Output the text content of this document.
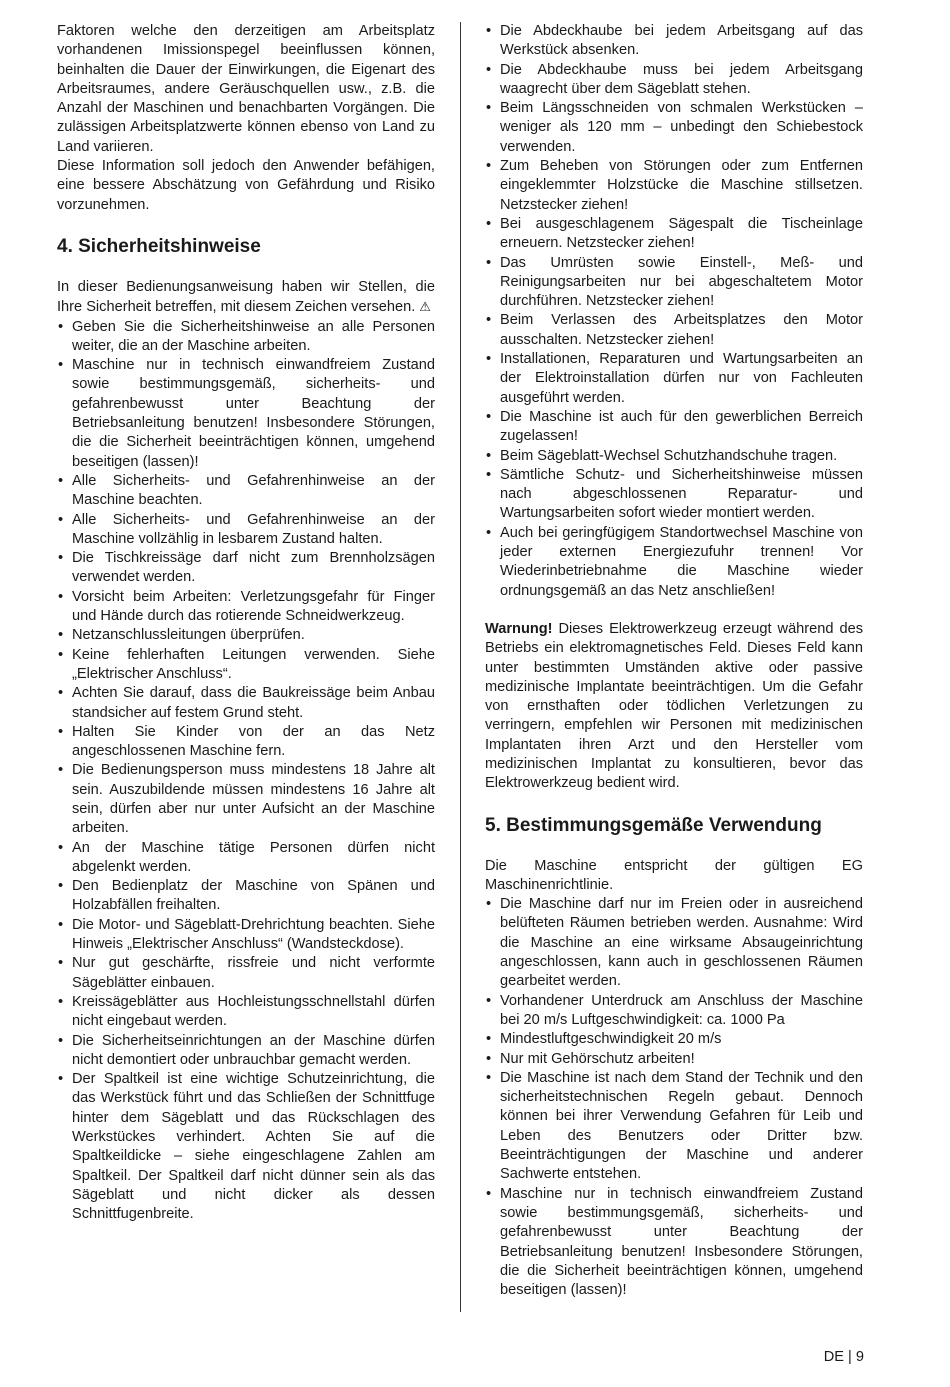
Faktoren welche den derzeitigen am Arbeitsplatz vorhandenen Imissionspegel beeinflussen können, beinhalten die Dauer der Einwirkungen, die Eigenart des Arbeitsraumes, andere Geräuschquellen usw., z.B. die Anzahl der Maschinen und benachbarten Vorgängen. Die zulässigen Arbeitsplatzwerte können ebenso von Land zu Land variieren.

Diese Information soll jedoch den Anwender befähigen, eine bessere Abschätzung von Gefährdung und Risiko vorzunehmen.

4. Sicherheitshinweise

In dieser Bedienungsanweisung haben wir Stellen, die Ihre Sicherheit betreffen, mit diesem Zeichen versehen. ⚠

• Geben Sie die Sicherheitshinweise an alle Personen weiter, die an der Maschine arbeiten.
• Maschine nur in technisch einwandfreiem Zustand sowie bestimmungsgemäß, sicherheits- und gefahrenbewusst unter Beachtung der Betriebsanleitung benutzen! Insbesondere Störungen, die die Sicherheit beeinträchtigen können, umgehend beseitigen (lassen)!
• Alle Sicherheits- und Gefahrenhinweise an der Maschine beachten.
• Alle Sicherheits- und Gefahrenhinweise an der Maschine vollzählig in lesbarem Zustand halten.
• Die Tischkreissäge darf nicht zum Brennholzsägen verwendet werden.
• Vorsicht beim Arbeiten: Verletzungsgefahr für Finger und Hände durch das rotierende Schneidwerkzeug.
• Netzanschlussleitungen überprüfen.
• Keine fehlerhaften Leitungen verwenden. Siehe „Elektrischer Anschluss“.
• Achten Sie darauf, dass die Baukreissäge beim Anbau standsicher auf festem Grund steht.
• Halten Sie Kinder von der an das Netz angeschlossenen Maschine fern.
• Die Bedienungsperson muss mindestens 18 Jahre alt sein. Auszubildende müssen mindestens 16 Jahre alt sein, dürfen aber nur unter Aufsicht an der Maschine arbeiten.
• An der Maschine tätige Personen dürfen nicht abgelenkt werden.
• Den Bedienplatz der Maschine von Spänen und Holzabfällen freihalten.
• Die Motor- und Sägeblatt-Drehrichtung beachten. Siehe Hinweis „Elektrischer Anschluss“ (Wandsteckdose).
• Nur gut geschärfte, rissfreie und nicht verformte Sägeblätter einbauen.
• Kreissägeblätter aus Hochleistungsschnellstahl dürfen nicht eingebaut werden.
• Die Sicherheitseinrichtungen an der Maschine dürfen nicht demontiert oder unbrauchbar gemacht werden.
• Der Spaltkeil ist eine wichtige Schutzeinrichtung, die das Werkstück führt und das Schließen der Schnittfuge hinter dem Sägeblatt und das Rückschlagen des Werkstückes verhindert. Achten Sie auf die Spaltkeildicke – siehe eingeschlagene Zahlen am Spaltkeil. Der Spaltkeil darf nicht dünner sein als das Sägeblatt und nicht dicker als dessen Schnittfugenbreite.
• Die Abdeckhaube bei jedem Arbeitsgang auf das Werkstück absenken.
• Die Abdeckhaube muss bei jedem Arbeitsgang waagrecht über dem Sägeblatt stehen.
• Beim Längsschneiden von schmalen Werkstücken – weniger als 120 mm – unbedingt den Schiebestock verwenden.
• Zum Beheben von Störungen oder zum Entfernen eingeklemmter Holzstücke die Maschine stillsetzen. Netzstecker ziehen!
• Bei ausgeschlagenem Sägespalt die Tischeinlage erneuern. Netzstecker ziehen!
• Das Umrüsten sowie Einstell-, Meß- und Reinigungsarbeiten nur bei abgeschaltetem Motor durchführen. Netzstecker ziehen!
• Beim Verlassen des Arbeitsplatzes den Motor ausschalten. Netzstecker ziehen!
• Installationen, Reparaturen und Wartungsarbeiten an der Elektroinstallation dürfen nur von Fachleuten ausgeführt werden.
• Die Maschine ist auch für den gewerblichen Berreich zugelassen!
• Beim Sägeblatt-Wechsel Schutzhandschuhe tragen.
• Sämtliche Schutz- und Sicherheitshinweise müssen nach abgeschlossenen Reparatur- und Wartungsarbeiten sofort wieder montiert werden.
• Auch bei geringfügigem Standortwechsel Maschine von jeder externen Energiezufuhr trennen! Vor Wiederinbetriebnahme die Maschine wieder ordnungsgemäß an das Netz anschließen!

Warnung! Dieses Elektrowerkzeug erzeugt während des Betriebs ein elektromagnetisches Feld. Dieses Feld kann unter bestimmten Umständen aktive oder passive medizinische Implantate beeinträchtigen. Um die Gefahr von ernsthaften oder tödlichen Verletzungen zu verringern, empfehlen wir Personen mit medizinischen Implantaten ihren Arzt und den Hersteller vom medizinischen Implantat zu konsultieren, bevor das Elektrowerkzeug bedient wird.

5. Bestimmungsgemäße Verwendung

Die Maschine entspricht der gültigen EG Maschinenrichtlinie.

• Die Maschine darf nur im Freien oder in ausreichend belüfteten Räumen betrieben werden. Ausnahme: Wird die Maschine an eine wirksame Absaugeinrichtung angeschlossen, kann auch in geschlossenen Räumen gearbeitet werden.
• Vorhandener Unterdruck am Anschluss der Maschine bei 20 m/s Luftgeschwindigkeit: ca. 1000 Pa
• Mindestluftgeschwindigkeit 20 m/s
• Nur mit Gehörschutz arbeiten!
• Die Maschine ist nach dem Stand der Technik und den sicherheitstechnischen Regeln gebaut. Dennoch können bei ihrer Verwendung Gefahren für Leib und Leben des Benutzers oder Dritter bzw. Beeinträchtigungen der Maschine und anderer Sachwerte entstehen.
• Maschine nur in technisch einwandfreiem Zustand sowie bestimmungsgemäß, sicherheits- und gefahrenbewusst unter Beachtung der Betriebsanleitung benutzen! Insbesondere Störungen, die die Sicherheit beeinträchtigen können, umgehend beseitigen (lassen)!
DE | 9
